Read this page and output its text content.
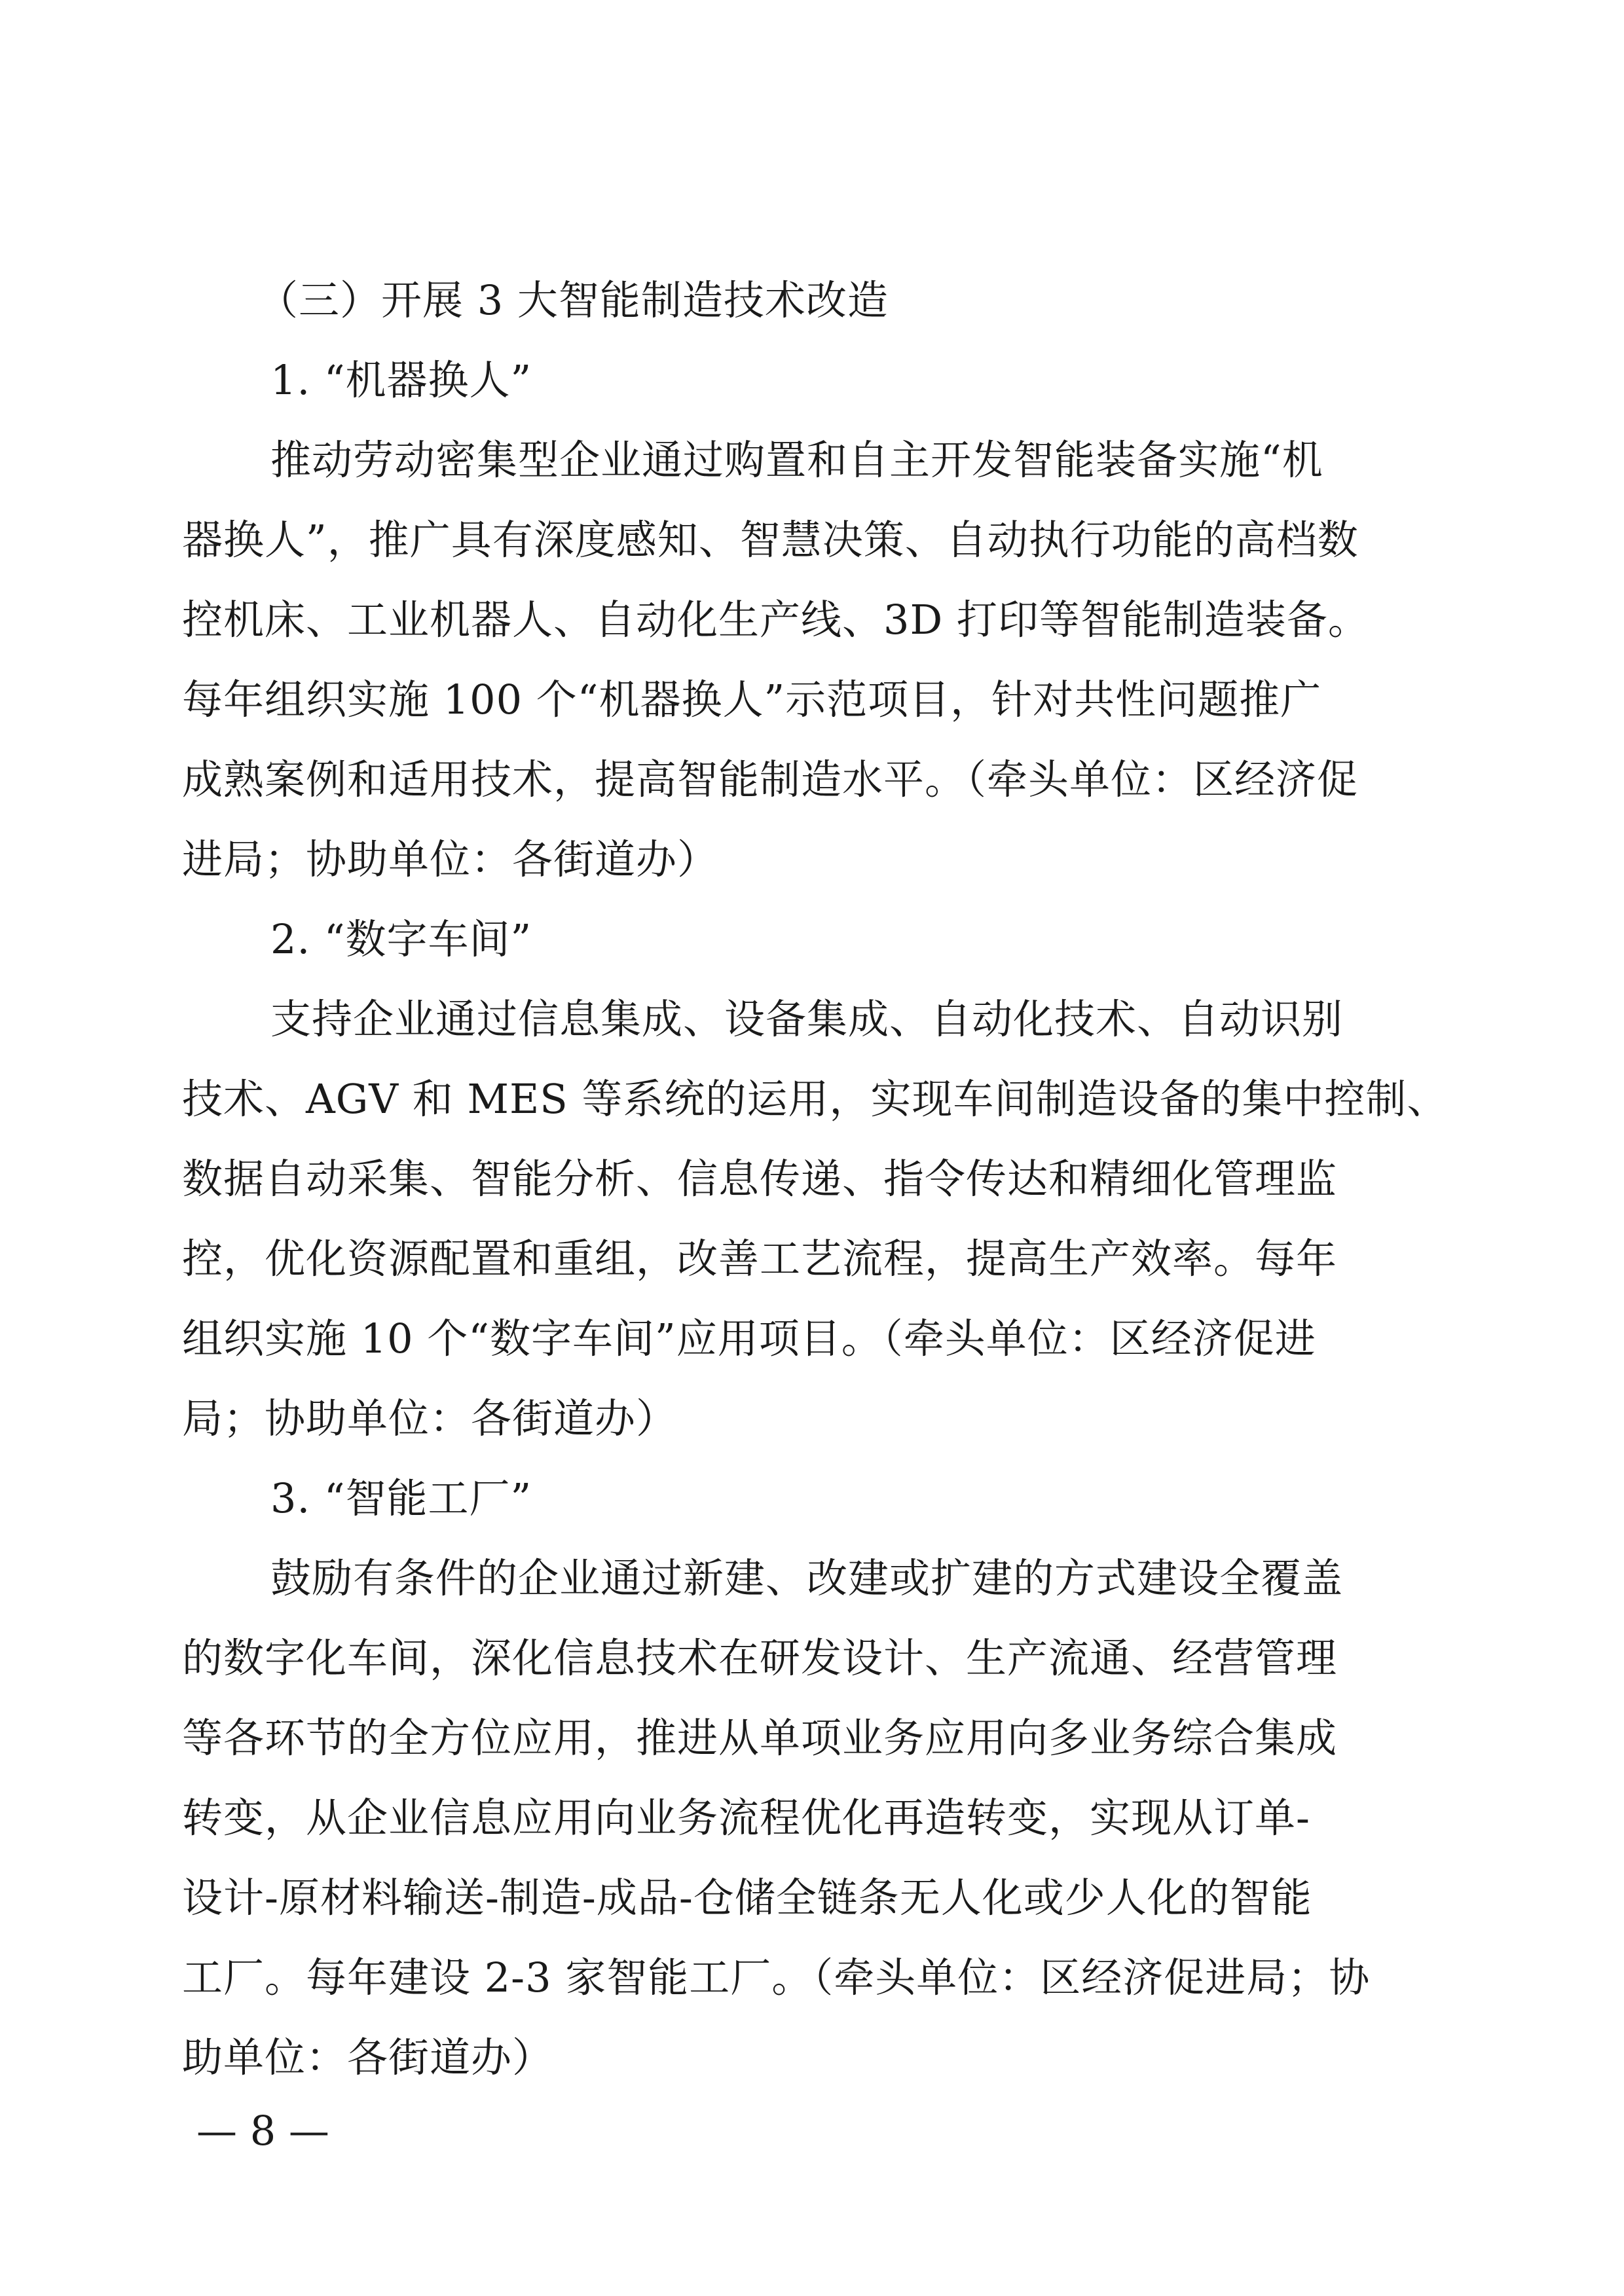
（三）开展 3 大智能制造技术改造
1. “机器换人”
推动劳动密集型企业通过购置和自主开发智能装备实施“机
器换人”，推广具有深度感知、智慧决策、自动执行功能的高档数
控机床、工业机器人、自动化生产线、3D 打印等智能制造装备。
每年组织实施 100 个“机器换人”示范项目，针对共性问题推广
成熟案例和适用技术，提高智能制造水平。（牵头单位：区经济促
进局；协助单位：各街道办）
2. “数字车间”
支持企业通过信息集成、设备集成、自动化技术、自动识别
技术、AGV 和 MES 等系统的运用，实现车间制造设备的集中控制、
数据自动采集、智能分析、信息传递、指令传达和精细化管理监
控，优化资源配置和重组，改善工艺流程，提高生产效率。每年
组织实施 10 个“数字车间”应用项目。（牵头单位：区经济促进
局；协助单位：各街道办）
3. “智能工厂”
鼓励有条件的企业通过新建、改建或扩建的方式建设全覆盖
的数字化车间，深化信息技术在研发设计、生产流通、经营管理
等各环节的全方位应用，推进从单项业务应用向多业务综合集成
转变，从企业信息应用向业务流程优化再造转变，实现从订单-
设计-原材料输送-制造-成品-仓储全链条无人化或少人化的智能
工厂。每年建设 2-3 家智能工厂。（牵头单位：区经济促进局；协
助单位：各街道办）
— 8 —
